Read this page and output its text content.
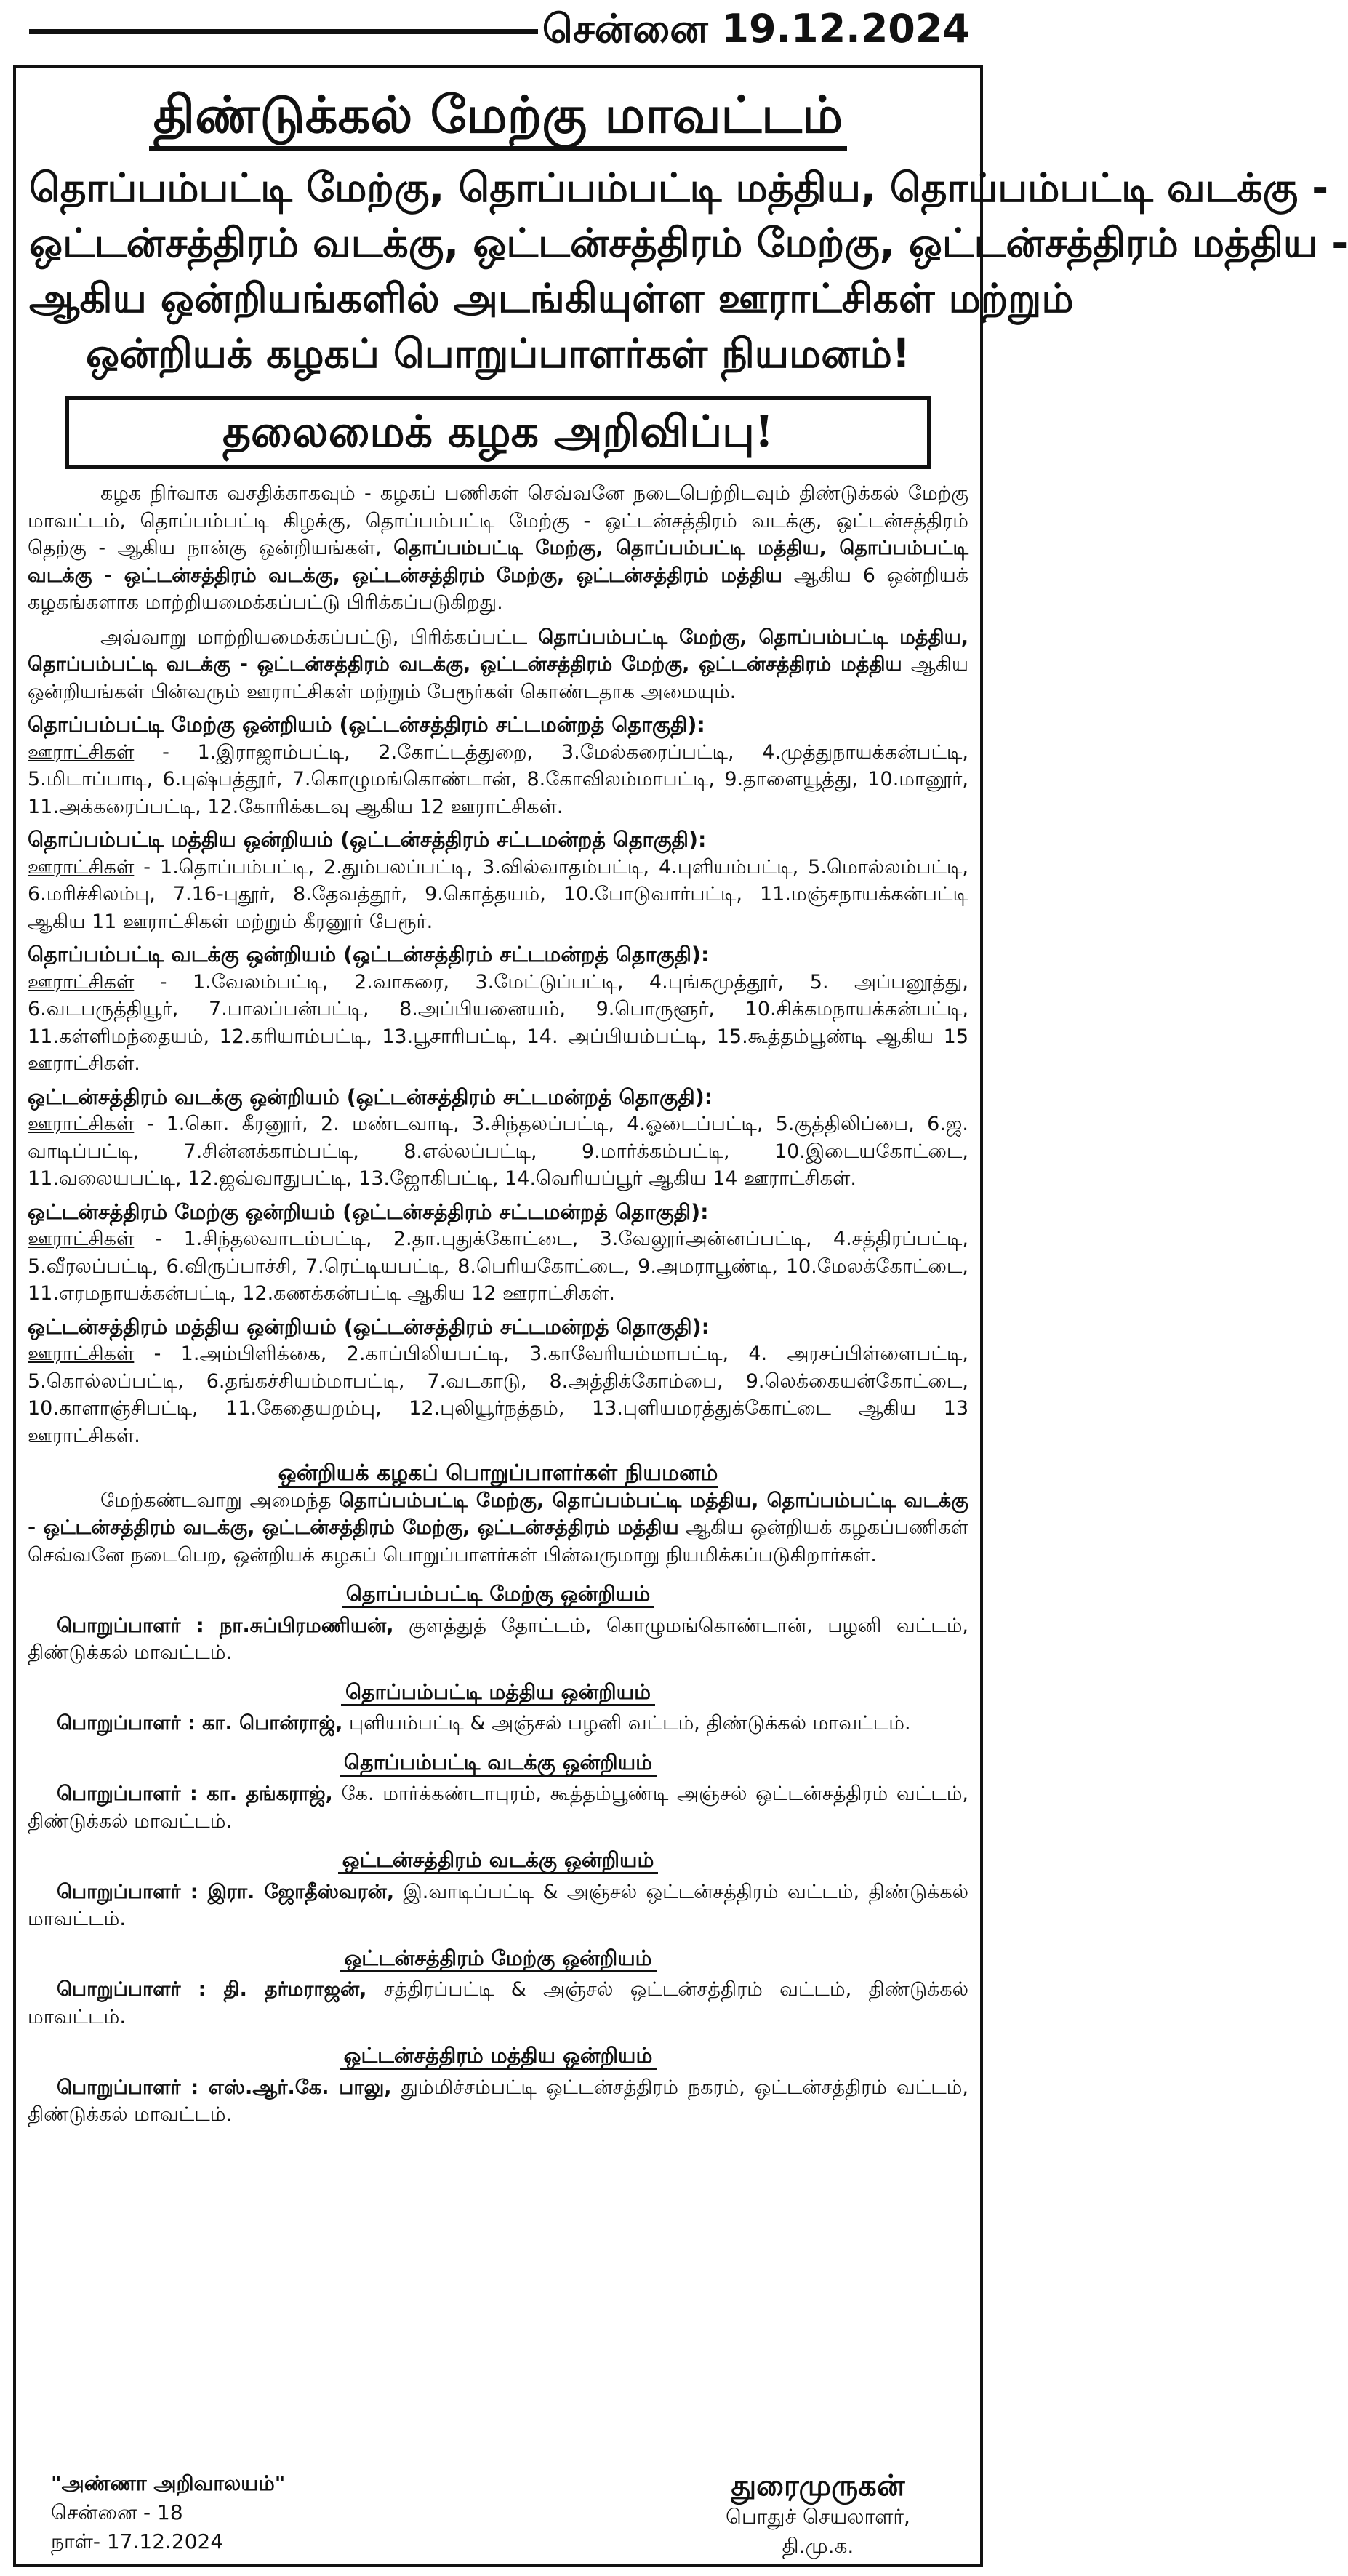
சென்னை 19.12.2024
திண்டுக்கல் மேற்கு மாவட்டம்
தொப்பம்பட்டி மேற்கு, தொப்பம்பட்டி மத்திய, தொப்பம்பட்டி வடக்கு -
ஒட்டன்சத்திரம் வடக்கு, ஒட்டன்சத்திரம் மேற்கு, ஒட்டன்சத்திரம் மத்திய -
ஆகிய ஒன்றியங்களில் அடங்கியுள்ள ஊராட்சிகள் மற்றும்
ஒன்றியக் கழகப் பொறுப்பாளர்கள் நியமனம்!
தலைமைக் கழக அறிவிப்பு!

கழக நிர்வாக வசதிக்காகவும் - கழகப் பணிகள் செவ்வனே நடைபெற்றிடவும் திண்டுக்கல் மேற்கு மாவட்டம், தொப்பம்பட்டி கிழக்கு, தொப்பம்பட்டி மேற்கு - ஒட்டன்சத்திரம் வடக்கு, ஒட்டன்சத்திரம் தெற்கு - ஆகிய நான்கு ஒன்றியங்கள், தொப்பம்பட்டி மேற்கு, தொப்பம்பட்டி மத்திய, தொப்பம்பட்டி வடக்கு - ஒட்டன்சத்திரம் வடக்கு, ஒட்டன்சத்திரம் மேற்கு, ஒட்டன்சத்திரம் மத்திய ஆகிய 6 ஒன்றியக் கழகங்களாக மாற்றியமைக்கப்பட்டு பிரிக்கப்படுகிறது.

அவ்வாறு மாற்றியமைக்கப்பட்டு, பிரிக்கப்பட்ட தொப்பம்பட்டி மேற்கு, தொப்பம்பட்டி மத்திய, தொப்பம்பட்டி வடக்கு - ஒட்டன்சத்திரம் வடக்கு, ஒட்டன்சத்திரம் மேற்கு, ஒட்டன்சத்திரம் மத்திய ஆகிய ஒன்றியங்கள் பின்வரும் ஊராட்சிகள் மற்றும் பேரூர்கள் கொண்டதாக அமையும்.

தொப்பம்பட்டி மேற்கு ஒன்றியம் (ஒட்டன்சத்திரம் சட்டமன்றத் தொகுதி):
ஊராட்சிகள் - 1.இராஜாம்பட்டி, 2.கோட்டத்துறை, 3.மேல்கரைப்பட்டி, 4.முத்துநாயக்கன்பட்டி, 5.மிடாப்பாடி, 6.புஷ்பத்தூர், 7.கொழுமங்கொண்டான், 8.கோவிலம்மாபட்டி, 9.தாளையூத்து, 10.மானூர், 11.அக்கரைப்பட்டி, 12.கோரிக்கடவு ஆகிய 12 ஊராட்சிகள்.
தொப்பம்பட்டி மத்திய ஒன்றியம் (ஒட்டன்சத்திரம் சட்டமன்றத் தொகுதி):
ஊராட்சிகள் - 1.தொப்பம்பட்டி, 2.தும்பலப்பட்டி, 3.வில்வாதம்பட்டி, 4.புளியம்பட்டி, 5.மொல்லம்பட்டி, 6.மரிச்சிலம்பு, 7.16-புதூர், 8.தேவத்தூர், 9.கொத்தயம், 10.போடுவார்பட்டி, 11.மஞ்சநாயக்கன்பட்டி ஆகிய 11 ஊராட்சிகள் மற்றும் கீரனூர் பேரூர்.
தொப்பம்பட்டி வடக்கு ஒன்றியம் (ஒட்டன்சத்திரம் சட்டமன்றத் தொகுதி):
ஊராட்சிகள் - 1.வேலம்பட்டி, 2.வாகரை, 3.மேட்டுப்பட்டி, 4.புங்கமுத்தூர், 5. அப்பனூத்து, 6.வடபருத்தியூர், 7.பாலப்பன்பட்டி, 8.அப்பியனையம், 9.பொருளூர், 10.சிக்கமநாயக்கன்பட்டி, 11.கள்ளிமந்தையம், 12.கரியாம்பட்டி, 13.பூசாரிபட்டி, 14. அப்பியம்பட்டி, 15.கூத்தம்பூண்டி ஆகிய 15 ஊராட்சிகள்.
ஒட்டன்சத்திரம் வடக்கு ஒன்றியம் (ஒட்டன்சத்திரம் சட்டமன்றத் தொகுதி):
ஊராட்சிகள் - 1.கொ. கீரனூர், 2. மண்டவாடி, 3.சிந்தலப்பட்டி, 4.ஓடைப்பட்டி, 5.குத்திலிப்பை, 6.ஜ. வாடிப்பட்டி, 7.சின்னக்காம்பட்டி, 8.எல்லப்பட்டி, 9.மார்க்கம்பட்டி, 10.இடையகோட்டை, 11.வலையபட்டி, 12.ஜவ்வாதுபட்டி, 13.ஜோகிபட்டி, 14.வெரியப்பூர் ஆகிய 14 ஊராட்சிகள்.
ஒட்டன்சத்திரம் மேற்கு ஒன்றியம் (ஒட்டன்சத்திரம் சட்டமன்றத் தொகுதி):
ஊராட்சிகள் - 1.சிந்தலவாடம்பட்டி, 2.தா.புதுக்கோட்டை, 3.வேலூர்அன்னப்பட்டி, 4.சத்திரப்பட்டி, 5.வீரலப்பட்டி, 6.விருப்பாச்சி, 7.ரெட்டியபட்டி, 8.பெரியகோட்டை, 9.அமராபூண்டி, 10.மேலக்கோட்டை, 11.எரமநாயக்கன்பட்டி, 12.கணக்கன்பட்டி ஆகிய 12 ஊராட்சிகள்.
ஒட்டன்சத்திரம் மத்திய ஒன்றியம் (ஒட்டன்சத்திரம் சட்டமன்றத் தொகுதி):
ஊராட்சிகள் - 1.அம்பிளிக்கை, 2.காப்பிலியபட்டி, 3.காவேரியம்மாபட்டி, 4. அரசப்பிள்ளைபட்டி, 5.கொல்லப்பட்டி, 6.தங்கச்சியம்மாபட்டி, 7.வடகாடு, 8.அத்திக்கோம்பை, 9.லெக்கையன்கோட்டை, 10.காளாஞ்சிபட்டி, 11.கேதையறம்பு, 12.புலியூர்நத்தம், 13.புளியமரத்துக்கோட்டை ஆகிய 13 ஊராட்சிகள்.
ஒன்றியக் கழகப் பொறுப்பாளர்கள் நியமனம்

மேற்கண்டவாறு அமைந்த தொப்பம்பட்டி மேற்கு, தொப்பம்பட்டி மத்திய, தொப்பம்பட்டி வடக்கு - ஒட்டன்சத்திரம் வடக்கு, ஒட்டன்சத்திரம் மேற்கு, ஒட்டன்சத்திரம் மத்திய ஆகிய ஒன்றியக் கழகப்பணிகள் செவ்வனே நடைபெற, ஒன்றியக் கழகப் பொறுப்பாளர்கள் பின்வருமாறு நியமிக்கப்படுகிறார்கள்.

தொப்பம்பட்டி மேற்கு ஒன்றியம்
பொறுப்பாளர் : நா.சுப்பிரமணியன், குளத்துத் தோட்டம், கொழுமங்கொண்டான், பழனி வட்டம், திண்டுக்கல் மாவட்டம்.
தொப்பம்பட்டி மத்திய ஒன்றியம்
பொறுப்பாளர் : கா. பொன்ராஜ், புளியம்பட்டி & அஞ்சல் பழனி வட்டம், திண்டுக்கல் மாவட்டம்.
தொப்பம்பட்டி வடக்கு ஒன்றியம்
பொறுப்பாளர் : கா. தங்கராஜ், கே. மார்க்கண்டாபுரம், கூத்தம்பூண்டி அஞ்சல் ஒட்டன்சத்திரம் வட்டம், திண்டுக்கல் மாவட்டம்.
ஒட்டன்சத்திரம் வடக்கு ஒன்றியம்
பொறுப்பாளர் : இரா. ஜோதீஸ்வரன், இ.வாடிப்பட்டி & அஞ்சல் ஒட்டன்சத்திரம் வட்டம், திண்டுக்கல் மாவட்டம்.
ஒட்டன்சத்திரம் மேற்கு ஒன்றியம்
பொறுப்பாளர் : தி. தர்மராஜன், சத்திரப்பட்டி & அஞ்சல் ஒட்டன்சத்திரம் வட்டம், திண்டுக்கல் மாவட்டம்.
ஒட்டன்சத்திரம் மத்திய ஒன்றியம்
பொறுப்பாளர் : எஸ்.ஆர்.கே. பாலு, தும்மிச்சம்பட்டி ஒட்டன்சத்திரம் நகரம், ஒட்டன்சத்திரம் வட்டம், திண்டுக்கல் மாவட்டம்.
"அண்ணா அறிவாலயம்"
சென்னை - 18
நாள்- 17.12.2024
துரைமுருகன்
பொதுச் செயலாளர்,
தி.மு.க.
